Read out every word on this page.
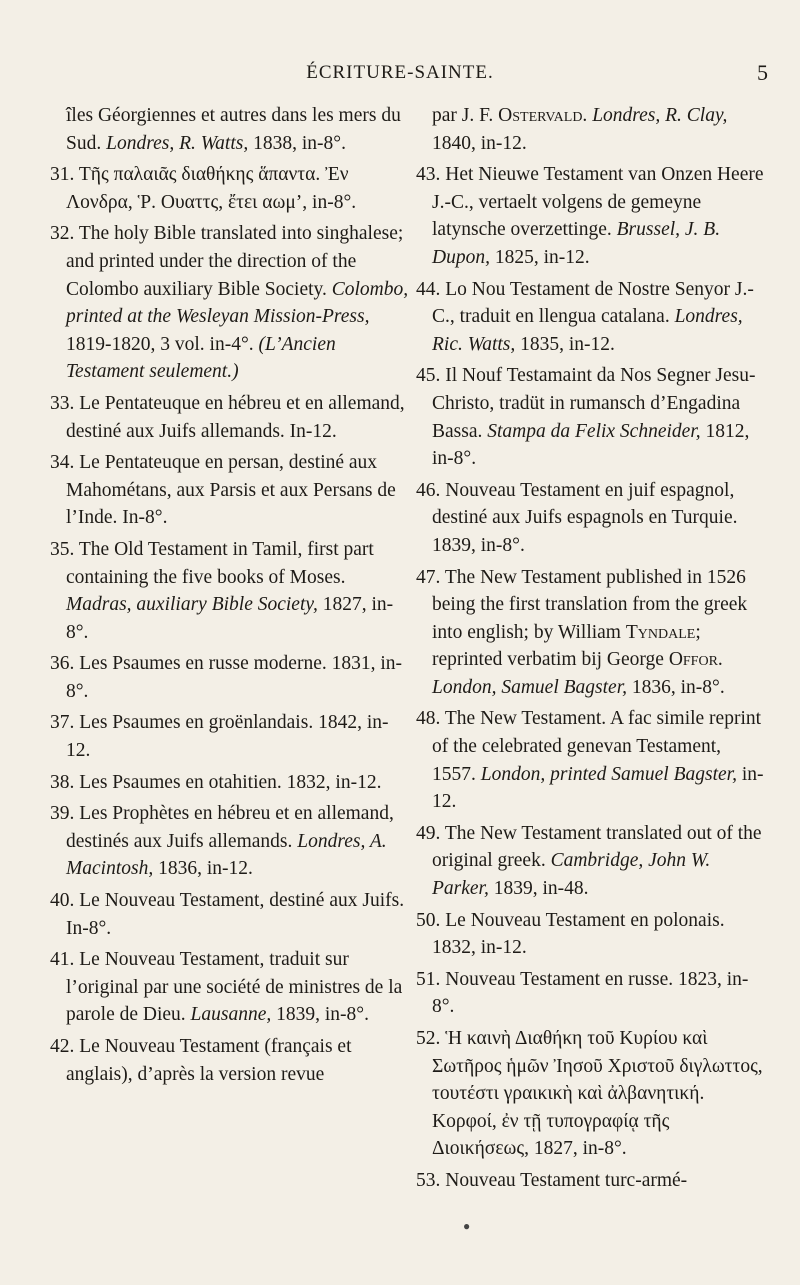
ÉCRITURE-SAINTE.	5

îles Géorgiennes et autres dans les mers du Sud. Londres, R. Watts, 1838, in-8°.

31. Τῆς παλαιᾶς διαθήκης ἅπαντα. Ἐν Λονδρα, Ῥ. Ουαττς, ἔτει αωμ’, in-8°.

32. The holy Bible translated into singhalese; and printed under the direction of the Colombo auxiliary Bible Society. Colombo, printed at the Wesleyan Mission-Press, 1819-1820, 3 vol. in-4°. (L’Ancien Testament seulement.)

33. Le Pentateuque en hébreu et en allemand, destiné aux Juifs allemands. In-12.

34. Le Pentateuque en persan, destiné aux Mahométans, aux Parsis et aux Persans de l’Inde. In-8°.

35. The Old Testament in Tamil, first part containing the five books of Moses. Madras, auxiliary Bible Society, 1827, in-8°.

36. Les Psaumes en russe moderne. 1831, in-8°.

37. Les Psaumes en groënlandais. 1842, in-12.

38. Les Psaumes en otahitien. 1832, in-12.

39. Les Prophètes en hébreu et en allemand, destinés aux Juifs allemands. Londres, A. Macintosh, 1836, in-12.

40. Le Nouveau Testament, destiné aux Juifs. In-8°.

41. Le Nouveau Testament, traduit sur l’original par une société de ministres de la parole de Dieu. Lausanne, 1839, in-8°.

42. Le Nouveau Testament (français et anglais), d’après la version revue

par J. F. Ostervald. Londres, R. Clay, 1840, in-12.

43. Het Nieuwe Testament van Onzen Heere J.-C., vertaelt volgens de gemeyne latynsche overzettinge. Brussel, J. B. Dupon, 1825, in-12.

44. Lo Nou Testament de Nostre Senyor J.-C., traduit en llengua catalana. Londres, Ric. Watts, 1835, in-12.

45. Il Nouf Testamaint da Nos Segner Jesu-Christo, tradüt in rumansch d’Engadina Bassa. Stampa da Felix Schneider, 1812, in-8°.

46. Nouveau Testament en juif espagnol, destiné aux Juifs espagnols en Turquie. 1839, in-8°.

47. The New Testament published in 1526 being the first translation from the greek into english; by William Tyndale; reprinted verbatim bij George Offor. London, Samuel Bagster, 1836, in-8°.

48. The New Testament. A fac simile reprint of the celebrated genevan Testament, 1557. London, printed Samuel Bagster, in-12.

49. The New Testament translated out of the original greek. Cambridge, John W. Parker, 1839, in-48.

50. Le Nouveau Testament en polonais. 1832, in-12.

51. Nouveau Testament en russe. 1823, in-8°.

52. Ἡ καινὴ Διαθήκη τοῦ Κυρίου καὶ Σωτῆρος ἡμῶν Ἰησοῦ Χριστοῦ διγλωττος, τουτέστι γραικικὴ καὶ ἀλβανητική. Κορφοί, ἐν τῇ τυπογραφίᾳ τῆς Διοικήσεως, 1827, in-8°.

53. Nouveau Testament turc-armé-

●
